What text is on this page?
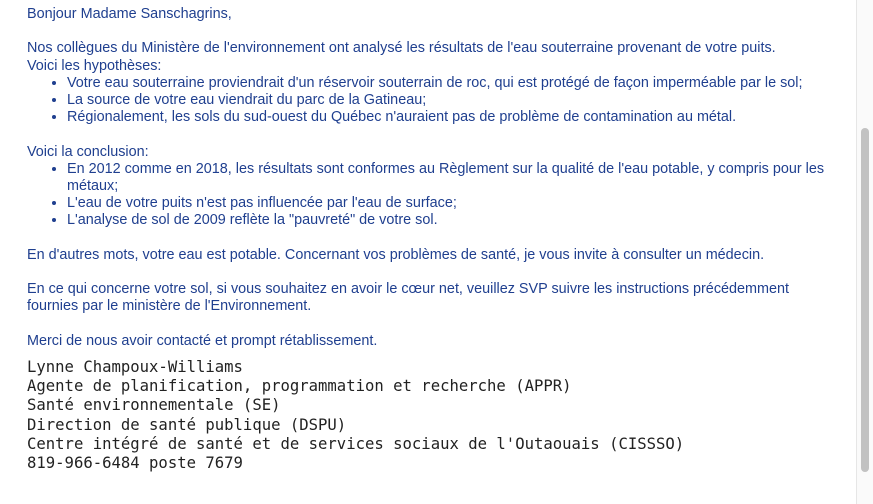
Bonjour Madame Sanschagrins,

Nos collègues du Ministère de l'environnement ont analysé les résultats de l'eau souterraine provenant de votre puits.

Voici les hypothèses:

• Votre eau souterraine proviendrait d'un réservoir souterrain de roc, qui est protégé de façon imperméable par le sol;
• La source de votre eau viendrait du parc de la Gatineau;
• Régionalement, les sols du sud-ouest du Québec n'auraient pas de problème de contamination au métal.

Voici la conclusion:

• En 2012 comme en 2018, les résultats sont conformes au Règlement sur la qualité de l'eau potable, y compris pour les métaux;
• L'eau de votre puits n'est pas influencée par l'eau de surface;
• L'analyse de sol de 2009 reflète la "pauvreté" de votre sol.

En d'autres mots, votre eau est potable. Concernant vos problèmes de santé, je vous invite à consulter un médecin.

En ce qui concerne votre sol, si vous souhaitez en avoir le cœur net, veuillez SVP suivre les instructions précédemment fournies par le ministère de l'Environnement.

Merci de nous avoir contacté et prompt rétablissement.

Lynne Champoux-Williams
Agente de planification, programmation et recherche (APPR)
Santé environnementale (SE)
Direction de santé publique (DSPU)
Centre intégré de santé et de services sociaux de l'Outaouais (CISSSO)
819-966-6484 poste 7679
